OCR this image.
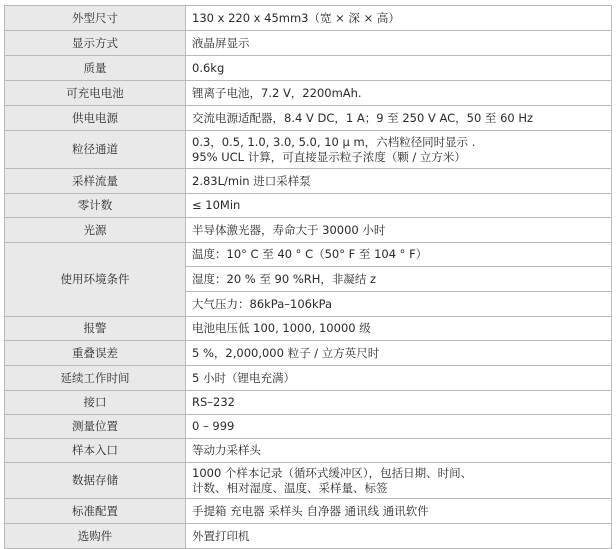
外型尺寸	130 x 220 x 45mm3（宽 × 深 × 高）
显示方式	液晶屏显示
质量	0.6kg
可充电电池	锂离子电池，7.2 V，2200mAh.
供电电源	交流电源适配器，8.4 V DC，1 A；9 至 250 V AC，50 至 60 Hz
粒径通道	0.3，0.5, 1.0, 3.0, 5.0, 10 μ m，六档粒径同时显示 .
95% UCL 计算，可直接显示粒子浓度（颗 / 立方米）
采样流量	2.83L/min 进口采样泵
零计数	≤ 10Min
光源	半导体激光器，寿命大于 30000 小时
使用环境条件	温度：10° C 至 40 ° C（50° F 至 104 ° F）
	湿度：20 % 至 90 %RH，非凝结 z
	大气压力：86kPa–106kPa
报警	电池电压低 100, 1000, 10000 级
重叠误差	5 %，2,000,000 粒子 / 立方英尺时
延续工作时间	5 小时（锂电充满）
接口	RS–232
测量位置	0 – 999
样本入口	等动力采样头
数据存储	1000 个样本记录（循环式缓冲区），包括日期、时间、
计数、相对湿度、温度、采样量、标签
标准配置	手提箱 充电器 采样头 自净器 通讯线 通讯软件
选购件	外置打印机
